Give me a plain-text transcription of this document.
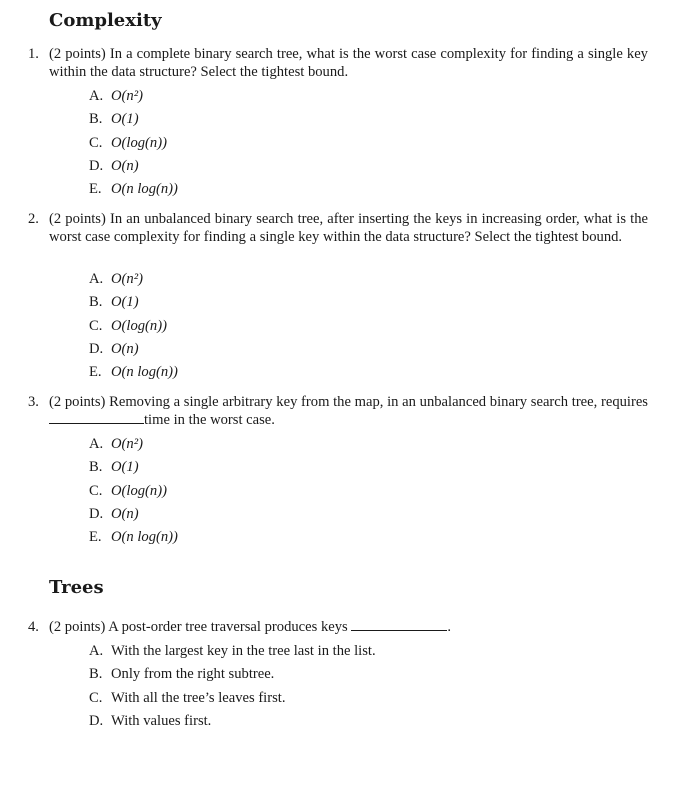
Complexity
1. (2 points) In a complete binary search tree, what is the worst case complexity for finding a single key within the data structure? Select the tightest bound.
A. O(n²)
B. O(1)
C. O(log(n))
D. O(n)
E. O(n log(n))
2. (2 points) In an unbalanced binary search tree, after inserting the keys in increasing order, what is the worst case complexity for finding a single key within the data structure? Select the tightest bound.
A. O(n²)
B. O(1)
C. O(log(n))
D. O(n)
E. O(n log(n))
3. (2 points) Removing a single arbitrary key from the map, in an unbalanced binary search tree, requires time in the worst case.
A. O(n²)
B. O(1)
C. O(log(n))
D. O(n)
E. O(n log(n))
Trees
4. (2 points) A post-order tree traversal produces keys	.
A. With the largest key in the tree last in the list.
B. Only from the right subtree.
C. With all the tree’s leaves first.
D. With values first.
